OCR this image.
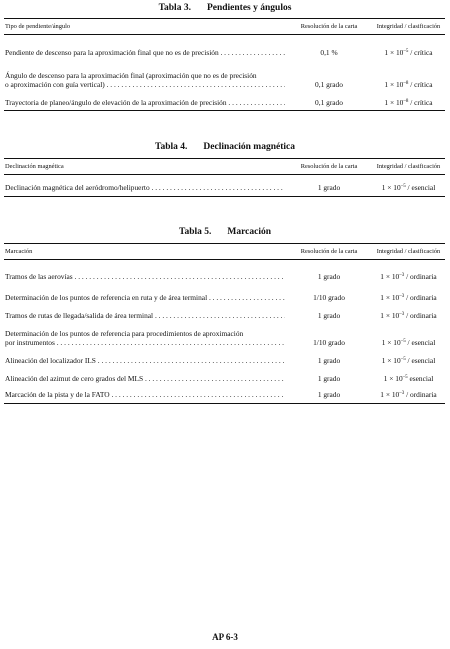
Tabla 3. Pendientes y ángulos
Tipo de pendiente/ángulo	Resolución de la carta	Integridad / clasificación

Pendiente de descenso para la aproximación final que no es de precisión . . .	0,1 %	$1 \times 10^{-5}$ / crítica

Ángulo de descenso para la aproximación final (aproximación que no es de precisión
o aproximación con guía vertical) . . .	0,1 grado	$1 \times 10^{-8}$ / crítica

Trayectoria de planeo/ángulo de elevación de la aproximación de precisión . . .	0,1 grado	$1 \times 10^{-8}$ / crítica
Tabla 4. Declinación magnética
Declinación magnética	Resolución de la carta	Integridad / clasificación

Declinación magnética del aeródromo/helipuerto . . .	1 grado	$1 \times 10^{-5}$ / esencial
Tabla 5. Marcación
Marcación	Resolución de la carta	Integridad / clasificación

Tramos de las aerovías . . .	1 grado	$1 \times 10^{-3}$ / ordinaria

Determinación de los puntos de referencia en ruta y de área terminal . . .	1/10 grado	$1 \times 10^{-3}$ / ordinaria

Tramos de rutas de llegada/salida de área terminal . . .	1 grado	$1 \times 10^{-3}$ / ordinaria

Determinación de los puntos de referencia para procedimientos de aproximación
por instrumentos . . .	1/10 grado	$1 \times 10^{-5}$ / esencial

Alineación del localizador ILS . . .	1 grado	$1 \times 10^{-5}$ / esencial

Alineación del azimut de cero grados del MLS . . .	1 grado	$1 \times 10^{-5}$ esencial

Marcación de la pista y de la FATO . . .	1 grado	$1 \times 10^{-3}$ / ordinaria
AP 6-3
